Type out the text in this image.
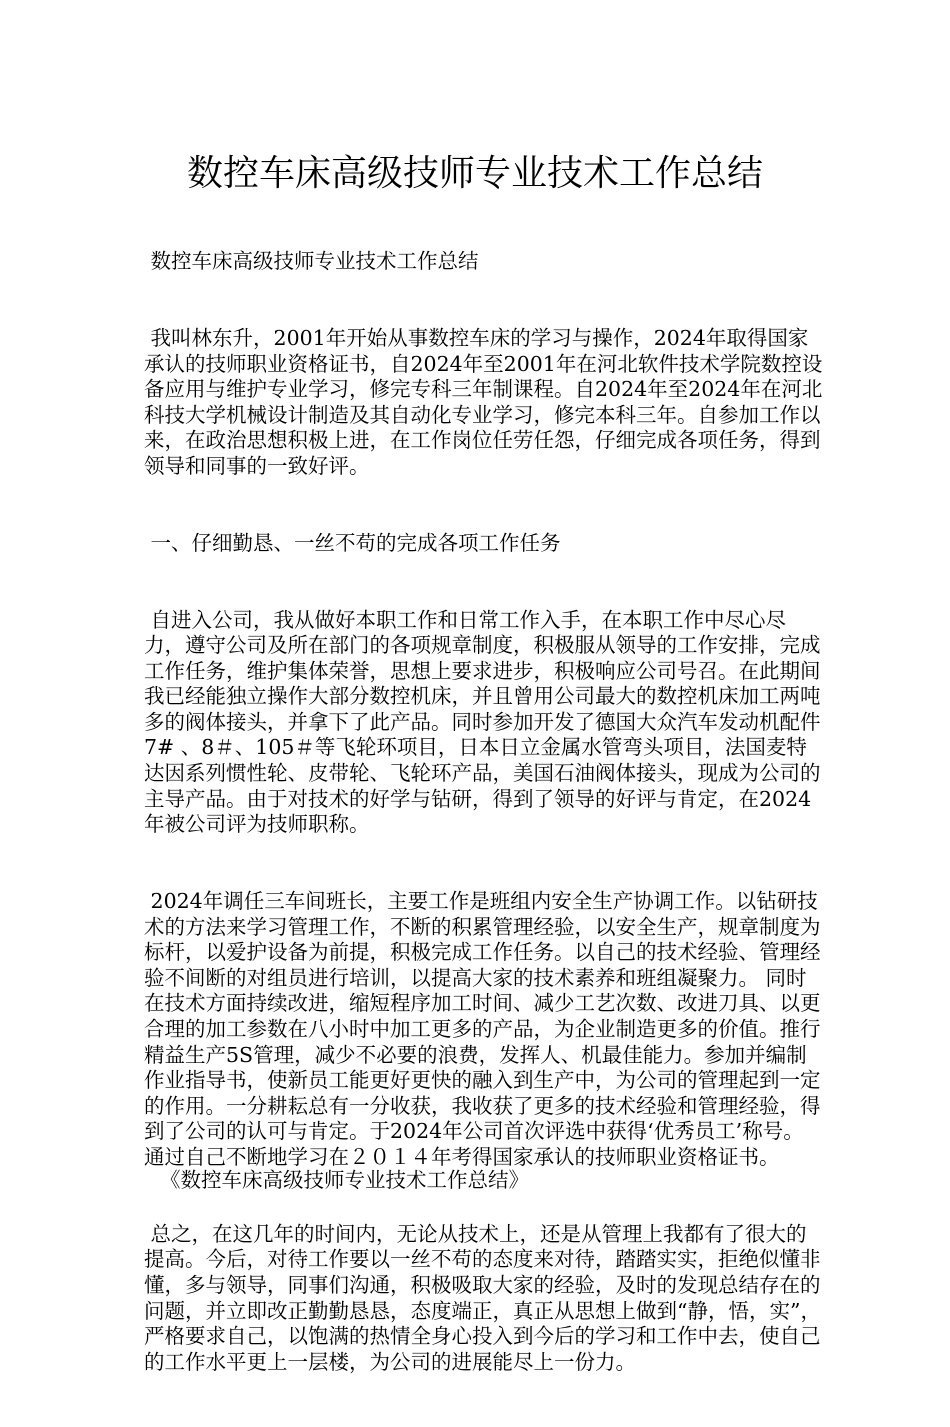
数控车床高级技师专业技术工作总结

数控车床高级技师专业技术工作总结

我叫林东升，2001年开始从事数控车床的学习与操作，2024年取得国家承认的技师职业资格证书，自2024年至2001年在河北软件技术学院数控设备应用与维护专业学习，修完专科三年制课程。自2024年至2024年在河北科技大学机械设计制造及其自动化专业学习，修完本科三年。自参加工作以来，在政治思想积极上进，在工作岗位任劳任怨，仔细完成各项任务，得到领导和同事的一致好评。

一、仔细勤恳、一丝不苟的完成各项工作任务

自进入公司，我从做好本职工作和日常工作入手，在本职工作中尽心尽力，遵守公司及所在部门的各项规章制度，积极服从领导的工作安排，完成工作任务，维护集体荣誉，思想上要求进步，积极响应公司号召。在此期间我已经能独立操作大部分数控机床，并且曾用公司最大的数控机床加工两吨多的阀体接头，并拿下了此产品。同时参加开发了德国大众汽车发动机配件7# 、8＃、105＃等飞轮环项目，日本日立金属水管弯头项目，法国麦特达因系列惯性轮、皮带轮、飞轮环产品，美国石油阀体接头，现成为公司的主导产品。由于对技术的好学与钻研，得到了领导的好评与肯定，在2024年被公司评为技师职称。

2024年调任三车间班长，主要工作是班组内安全生产协调工作。以钻研技术的方法来学习管理工作，不断的积累管理经验，以安全生产，规章制度为标杆，以爱护设备为前提，积极完成工作任务。以自己的技术经验、管理经验不间断的对组员进行培训，以提高大家的技术素养和班组凝聚力。 同时在技术方面持续改进，缩短程序加工时间、减少工艺次数、改进刀具、以更合理的加工参数在八小时中加工更多的产品，为企业制造更多的价值。推行精益生产5S管理，减少不必要的浪费，发挥人、机最佳能力。参加并编制作业指导书，使新员工能更好更快的融入到生产中，为公司的管理起到一定的作用。一分耕耘总有一分收获，我收获了更多的技术经验和管理经验，得到了公司的认可与肯定。于2024年公司首次评选中获得‘优秀员工’称号。通过自己不断地学习在２０１４年考得国家承认的技师职业资格证书。

总之，在这几年的时间内，无论从技术上，还是从管理上我都有了很大的提高。今后，对待工作要以一丝不苟的态度来对待，踏踏实实，拒绝似懂非懂，多与领导，同事们沟通，积极吸取大家的经验，及时的发现总结存在的问题，并立即改正勤勤恳恳，态度端正，真正从思想上做到“静，悟，实”，严格要求自己，以饱满的热情全身心投入到今后的学习和工作中去，使自己的工作水平更上一层楼，为公司的进展能尽上一份力。

《数控车床高级技师专业技术工作总结》
